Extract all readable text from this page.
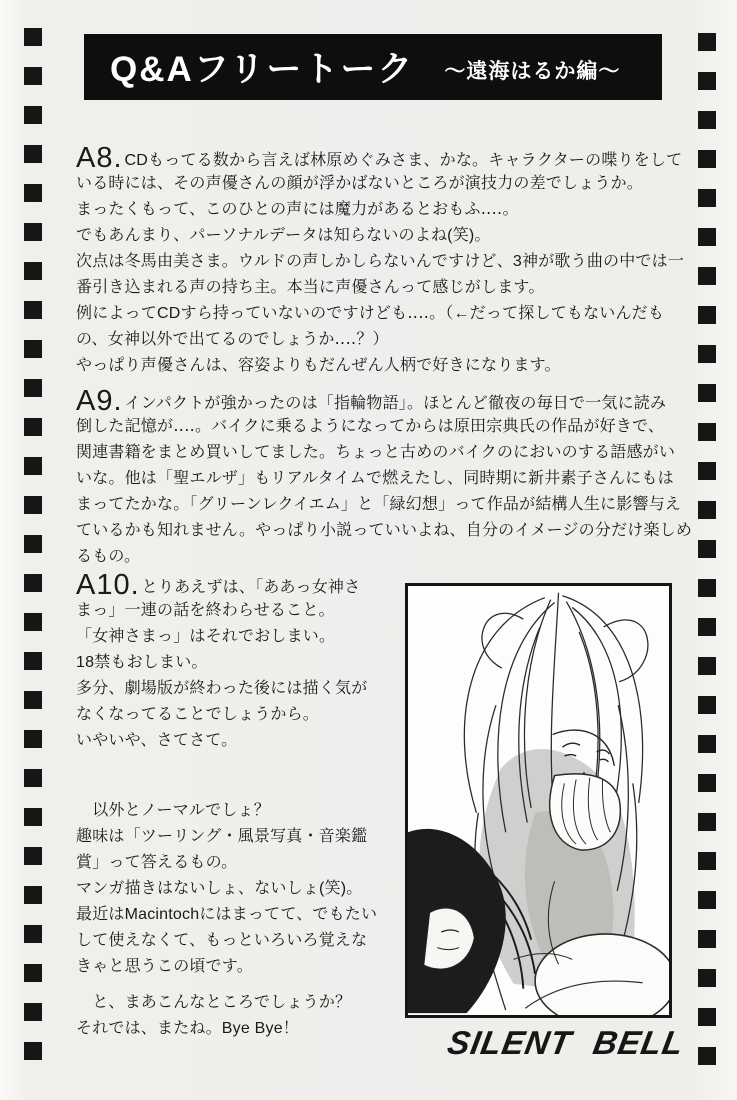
Q&Aフリートーク ～遠海はるか編～
A8. CDもってる数から言えば林原めぐみさま、かな。キャラクターの喋りをして
いる時には、その声優さんの顔が浮かばないところが演技力の差でしょうか。
まったくもって、このひとの声には魔力があるとおもふ‥‥。
でもあんまり、パーソナルデータは知らないのよね(笑)。
次点は冬馬由美さま。ウルドの声しかしらないんですけど、3神が歌う曲の中では一
番引き込まれる声の持ち主。本当に声優さんって感じがします。
例によってCDすら持っていないのですけども‥‥。（←だって探してもないんだも
の、女神以外で出てるのでしょうか‥‥？）
やっぱり声優さんは、容姿よりもだんぜん人柄で好きになります。
A9. インパクトが強かったのは「指輪物語」。ほとんど徹夜の毎日で一気に読み
倒した記憶が‥‥。バイクに乗るようになってからは原田宗典氏の作品が好きで、
関連書籍をまとめ買いしてました。ちょっと古めのバイクのにおいのする語感がい
いな。他は「聖エルザ」もリアルタイムで燃えたし、同時期に新井素子さんにもは
まってたかな。「グリーンレクイエム」と「緑幻想」って作品が結構人生に影響与え
ているかも知れません。やっぱり小説っていいよね、自分のイメージの分だけ楽しめ
るもの。
A10. とりあえずは、「ああっ女神さ
まっ」一連の話を終わらせること。
「女神さまっ」はそれでおしまい。
18禁もおしまい。
多分、劇場版が終わった後には描く気が
なくなってることでしょうから。
いやいや、さてさて。
　以外とノーマルでしょ？
趣味は「ツーリング・風景写真・音楽鑑
賞」って答えるもの。
マンガ描きはないしょ、ないしょ(笑)。
最近はMacintochにはまってて、でもたい
して使えなくて、もっといろいろ覚えな
きゃと思うこの頃です。
　と、まあこんなところでしょうか？
それでは、またね。Bye Bye！	SILENT BELL
